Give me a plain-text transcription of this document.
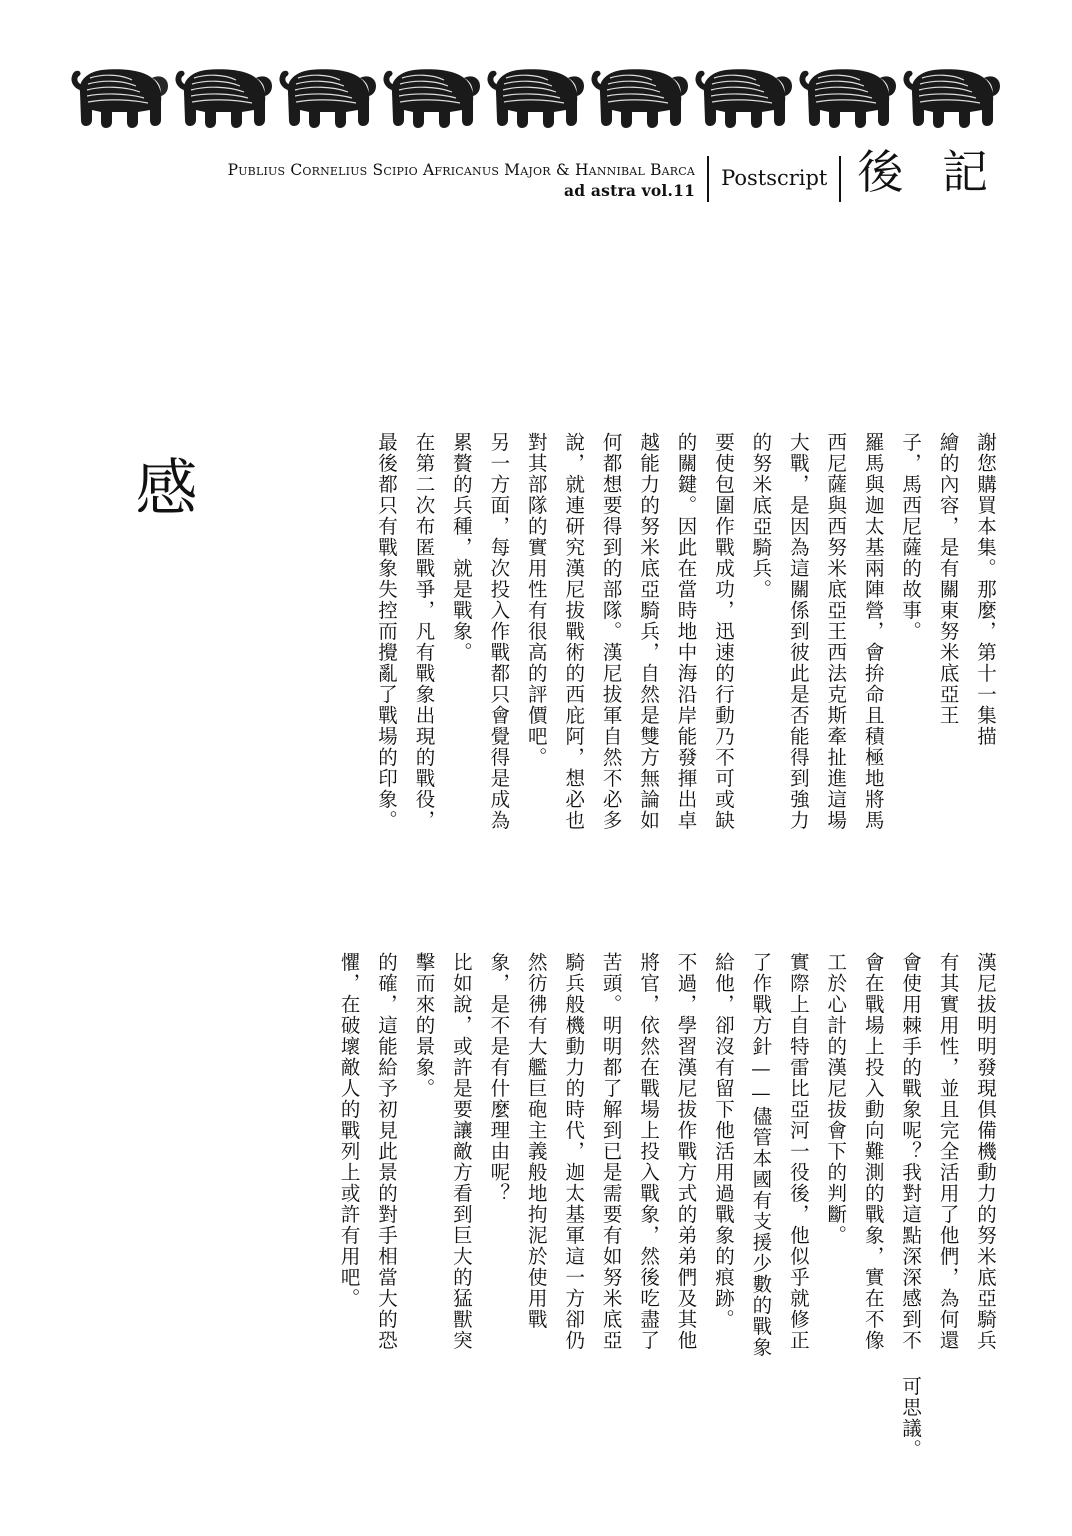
Publius Cornelius Scipio Africanus Major & Hannibal Barca
ad astra vol.11
Postscript 後 記
感	謝您購買本集。那麼，第十一集描 繪的內容，是有關東努米底亞王 子，馬西尼薩的故事。 羅馬與迦太基兩陣營，會拚命且積極地將馬 西尼薩與西努米底亞王西法克斯牽扯進這場 大戰，是因為這關係到彼此是否能得到強力 的努米底亞騎兵。 要使包圍作戰成功，迅速的行動乃不可或缺 的關鍵。因此在當時地中海沿岸能發揮出卓 越能力的努米底亞騎兵，自然是雙方無論如 何都想要得到的部隊。漢尼拔軍自然不必多 說，就連研究漢尼拔戰術的西庇阿，想必也 對其部隊的實用性有很高的評價吧。 另一方面，每次投入作戰都只會覺得是成為 累贅的兵種，就是戰象。 在第二次布匿戰爭，凡有戰象出現的戰役， 最後都只有戰象失控而攪亂了戰場的印象。
漢尼拔明明發現俱備機動力的努米底亞騎兵 有其實用性，並且完全活用了他們，為何還 會使用棘手的戰象呢？我對這點深深感到不 可思議。 會在戰場上投入動向難測的戰象，實在不像 工於心計的漢尼拔會下的判斷。 實際上自特雷比亞河一役後，他似乎就修正 了作戰方針——儘管本國有支援少數的戰象 給他，卻沒有留下他活用過戰象的痕跡。 不過，學習漢尼拔作戰方式的弟弟們及其他 將官，依然在戰場上投入戰象，然後吃盡了 苦頭。明明都了解到已是需要有如努米底亞 騎兵般機動力的時代，迦太基軍這一方卻仍 然彷彿有大艦巨砲主義般地拘泥於使用戰 象，是不是有什麼理由呢？ 比如說，或許是要讓敵方看到巨大的猛獸突 擊而來的景象。 的確，這能給予初見此景的對手相當大的恐 懼，在破壞敵人的戰列上或許有用吧。
